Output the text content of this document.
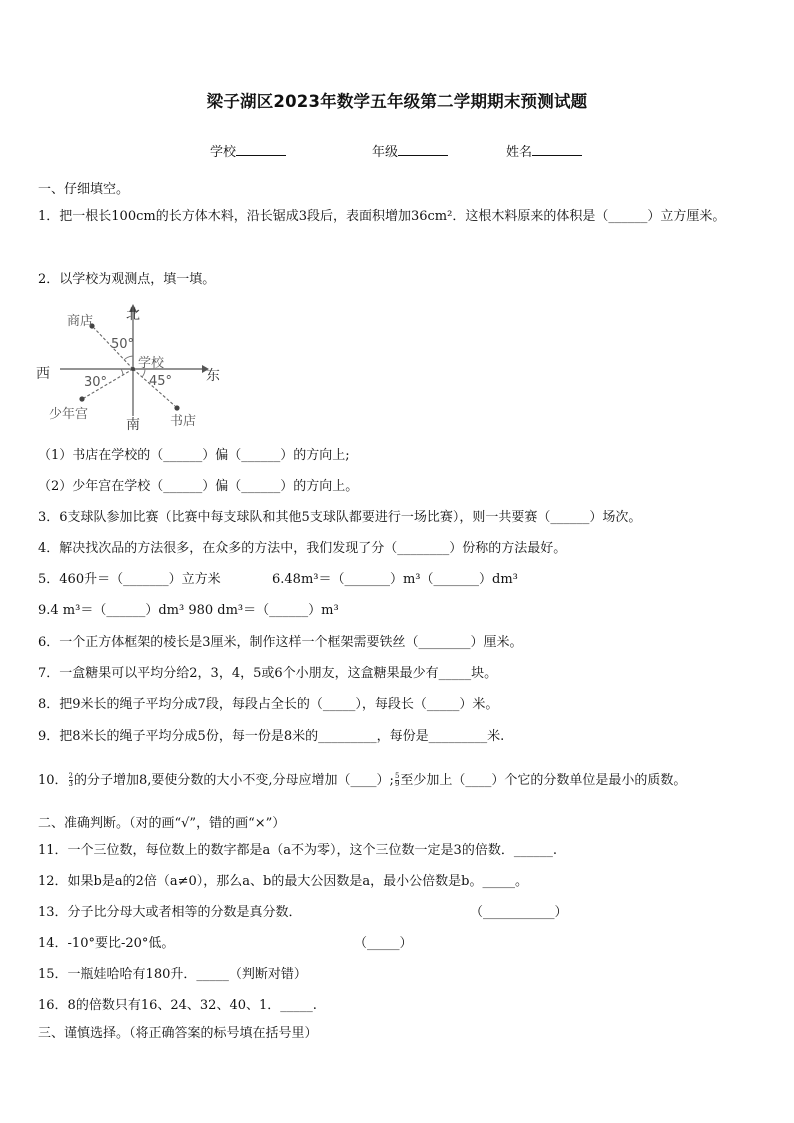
梁子湖区2023年数学五年级第二学期期末预测试题
学校	年级	姓名
一、仔细填空。
1．把一根长100cm的长方体木料，沿长锯成3段后，表面积增加36cm²．这根木料原来的体积是（______）立方厘米。
2．以学校为观测点，填一填。
北
南
东
西
学校
商店
书店
少年宫
50°
30°	45°
（1）书店在学校的（______）偏（______）的方向上;
（2）少年宫在学校（______）偏（______）的方向上。
3．6支球队参加比赛（比赛中每支球队和其他5支球队都要进行一场比赛），则一共要赛（______）场次。
4．解决找次品的方法很多，在众多的方法中，我们发现了分（________）份称的方法最好。
5．460升＝（_______）立方米	6.48m³＝（_______）m³（_______）dm³
9.4 m³＝（______）dm³ 980 dm³＝（______）m³
6．一个正方体框架的棱长是3厘米，制作这样一个框架需要铁丝（________）厘米。
7．一盒糖果可以平均分给2，3，4，5或6个小朋友，这盒糖果最少有_____块。
8．把9米长的绳子平均分成7段，每段占全长的（_____），每段长（_____）米。
9．把8米长的绳子平均分成5份，每一份是8米的_________，每份是_________米.
10． $\frac{2}{3}$ 的分子增加8,要使分数的大小不变,分母应增加（____）; $\frac{5}{9}$ 至少加上（____）个它的分数单位是最小的质数。
二、准确判断。（对的画“√”，错的画“×”）
11．一个三位数，每位数上的数字都是a（a不为零），这个三位数一定是3的倍数．______.
12．如果b是a的2倍（a≠0），那么a、b的最大公因数是a，最小公倍数是b。_____。
13．分子比分母大或者相等的分数是真分数．	（___________）
14．-10°要比-20°低。	（_____）
15．一瓶娃哈哈有180升．_____（判断对错）
16．8的倍数只有16、24、32、40、1．_____.
三、谨慎选择。（将正确答案的标号填在括号里）
